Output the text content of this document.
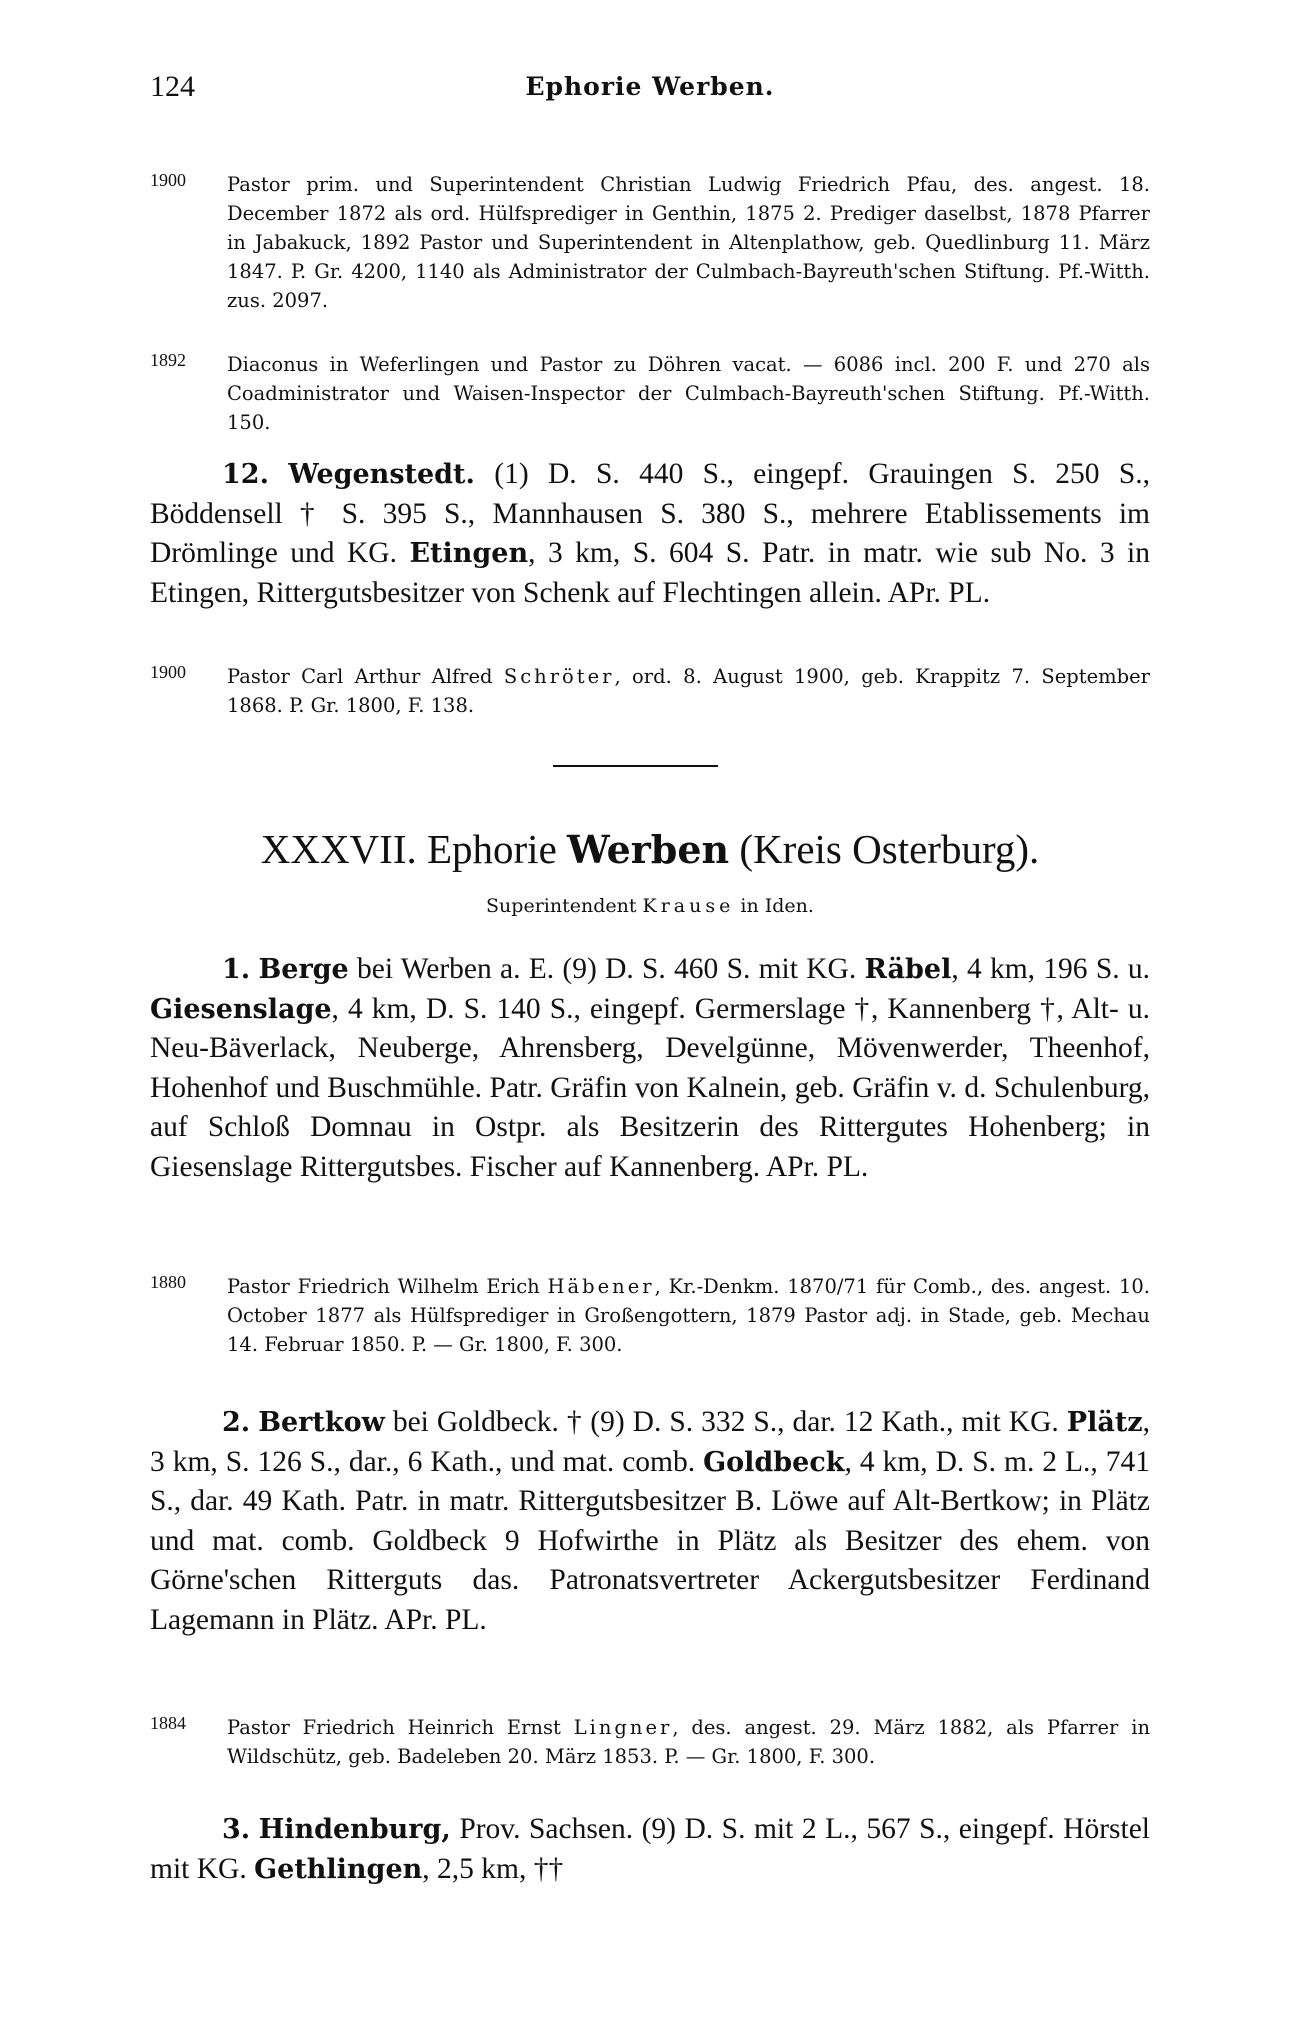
124	Ephorie Werben.
1900 Pastor prim. und Superintendent Christian Ludwig Friedrich Pfau, des. angest. 18. December 1872 als ord. Hülfsprediger in Genthin, 1875 2. Prediger daselbst, 1878 Pfarrer in Jabakuck, 1892 Pastor und Superintendent in Altenplathow, geb. Quedlinburg 11. März 1847. P. Gr. 4200, 1140 als Administrator der Culmbach-Bayreuth'schen Stiftung. Pf.-Witth. zus. 2097.
1892 Diaconus in Weferlingen und Pastor zu Döhren vacat. — 6086 incl. 200 F. und 270 als Coadministrator und Waisen-Inspector der Culmbach-Bayreuth'schen Stiftung. Pf.-Witth. 150.
12. Wegenstedt. (1) D. S. 440 S., eingepf. Grauingen S. 250 S., Böddensell † S. 395 S., Mannhausen S. 380 S., mehrere Etablissements im Drömlinge und KG. Etingen, 3 km, S. 604 S. Patr. in matr. wie sub No. 3 in Etingen, Rittergutsbesitzer von Schenk auf Flechtingen allein. APr. PL.
1900 Pastor Carl Arthur Alfred Schröter, ord. 8. August 1900, geb. Krappitz 7. September 1868. P. Gr. 1800, F. 138.
XXXVII. Ephorie Werben (Kreis Osterburg).
Superintendent Krause in Iden.
1. Berge bei Werben a. E. (9) D. S. 460 S. mit KG. Räbel, 4 km, 196 S. u. Giesenslage, 4 km, D. S. 140 S., eingepf. Germerslage †, Kannenberg †, Alt- u. Neu-Bäverlack, Neuberge, Ahrensberg, Develgünne, Mövenwerder, Theenhof, Hohenhof und Buschmühle. Patr. Gräfin von Kalnein, geb. Gräfin v. d. Schulenburg, auf Schloß Domnau in Ostpr. als Besitzerin des Rittergutes Hohenberg; in Giesenslage Rittergutsbes. Fischer auf Kannenberg. APr. PL.
1880 Pastor Friedrich Wilhelm Erich Häbener, Kr.-Denkm. 1870/71 für Comb., des. angest. 10. October 1877 als Hülfsprediger in Großengottern, 1879 Pastor adj. in Stade, geb. Mechau 14. Februar 1850. P. — Gr. 1800, F. 300.
2. Bertkow bei Goldbeck. † (9) D. S. 332 S., dar. 12 Kath., mit KG. Plätz, 3 km, S. 126 S., dar., 6 Kath., und mat. comb. Goldbeck, 4 km, D. S. m. 2 L., 741 S., dar. 49 Kath. Patr. in matr. Rittergutsbesitzer B. Löwe auf Alt-Bertkow; in Plätz und mat. comb. Goldbeck 9 Hofwirthe in Plätz als Besitzer des ehem. von Görne'schen Ritterguts das. Patronatsvertreter Ackergutsbesitzer Ferdinand Lagemann in Plätz. APr. PL.
1884 Pastor Friedrich Heinrich Ernst Lingner, des. angest. 29. März 1882, als Pfarrer in Wildschütz, geb. Badeleben 20. März 1853. P. — Gr. 1800, F. 300.
3. Hindenburg, Prov. Sachsen. (9) D. S. mit 2 L., 567 S., eingepf. Hörstel mit KG. Gethlingen, 2,5 km, ††
